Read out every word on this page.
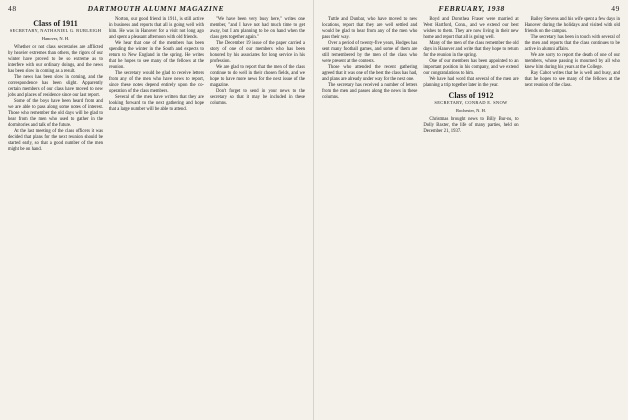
48	DARTMOUTH ALUMNI MAGAZINE
Class of 1911
SECRETARY, NATHANIEL G. BURLEIGH
Hanover, N. H.

Whether or not class secretaries are afflicted by heavier extremes than others, the rigors of our winter have proved to be so extreme as to interfere with our ordinary doings, and the news has been slow in coming as a result.

The news has been slow in coming, and the correspondence has been slight. Apparently certain members of our class have moved to new jobs and places of residence since our last report.

Some of the boys have been heard from and we are able to pass along some notes of interest. Those who remember the old days will be glad to hear from the men who used to gather in the dormitories and talk of the future.

At the last meeting of the class officers it was decided that plans for the next reunion should be started early, so that a good number of the men might be on hand.

Norton, our good friend in 1911, is still active in business and reports that all is going well with him. He was in Hanover for a visit not long ago and spent a pleasant afternoon with old friends.

We hear that one of the members has been spending the winter in the South and expects to return to New England in the spring. He writes that he hopes to see many of the fellows at the reunion.

The secretary would be glad to receive letters from any of the men who have news to report, since these notes depend entirely upon the co-operation of the class members.

Several of the men have written that they are looking forward to the next gathering and hope that a large number will be able to attend.

"We have been very busy here," writes one member, "and I have not had much time to get away, but I am planning to be on hand when the class gets together again."

The December 19 issue of the paper carried a story of one of our members who has been honored by his associates for long service in his profession.

We are glad to report that the men of the class continue to do well in their chosen fields, and we hope to have more news for the next issue of the magazine.

Don't forget to send in your news to the secretary so that it may be included in these columns.

FEBRUARY, 1938	49

Tuttle and Dunbar, who have moved to new locations, report that they are well settled and would be glad to hear from any of the men who pass their way.

Over a period of twenty-five years, Hodges has sent many football games, and some of them are still remembered by the men of the class who were present at the contests.

Those who attended the recent gathering agreed that it was one of the best the class has had, and plans are already under way for the next one.

The secretary has received a number of letters from the men and passes along the news in these columns.

Boyd and Dorothea Fraser were married at West Hartford, Conn., and we extend our best wishes to them. They are now living in their new home and report that all is going well.

Many of the men of the class remember the old days in Hanover and write that they hope to return for the reunion in the spring.

One of our members has been appointed to an important position in his company, and we extend our congratulations to him.

We have had word that several of the men are planning a trip together later in the year.

Class of 1912
SECRETARY, CONRAD E. SNOW
Rochester, N. H.

Christmas brought news to Billy Bur-ns, to Dolly Baxter, the life of many parties, held on December 21, 1937.

Bailey Stevens and his wife spent a few days in Hanover during the holidays and visited with old friends on the campus.

The secretary has been in touch with several of the men and reports that the class continues to be active in alumni affairs.

We are sorry to report the death of one of our members, whose passing is mourned by all who knew him during his years at the College.

Ray Cabot writes that he is well and busy, and that he hopes to see many of the fellows at the next reunion of the class.
